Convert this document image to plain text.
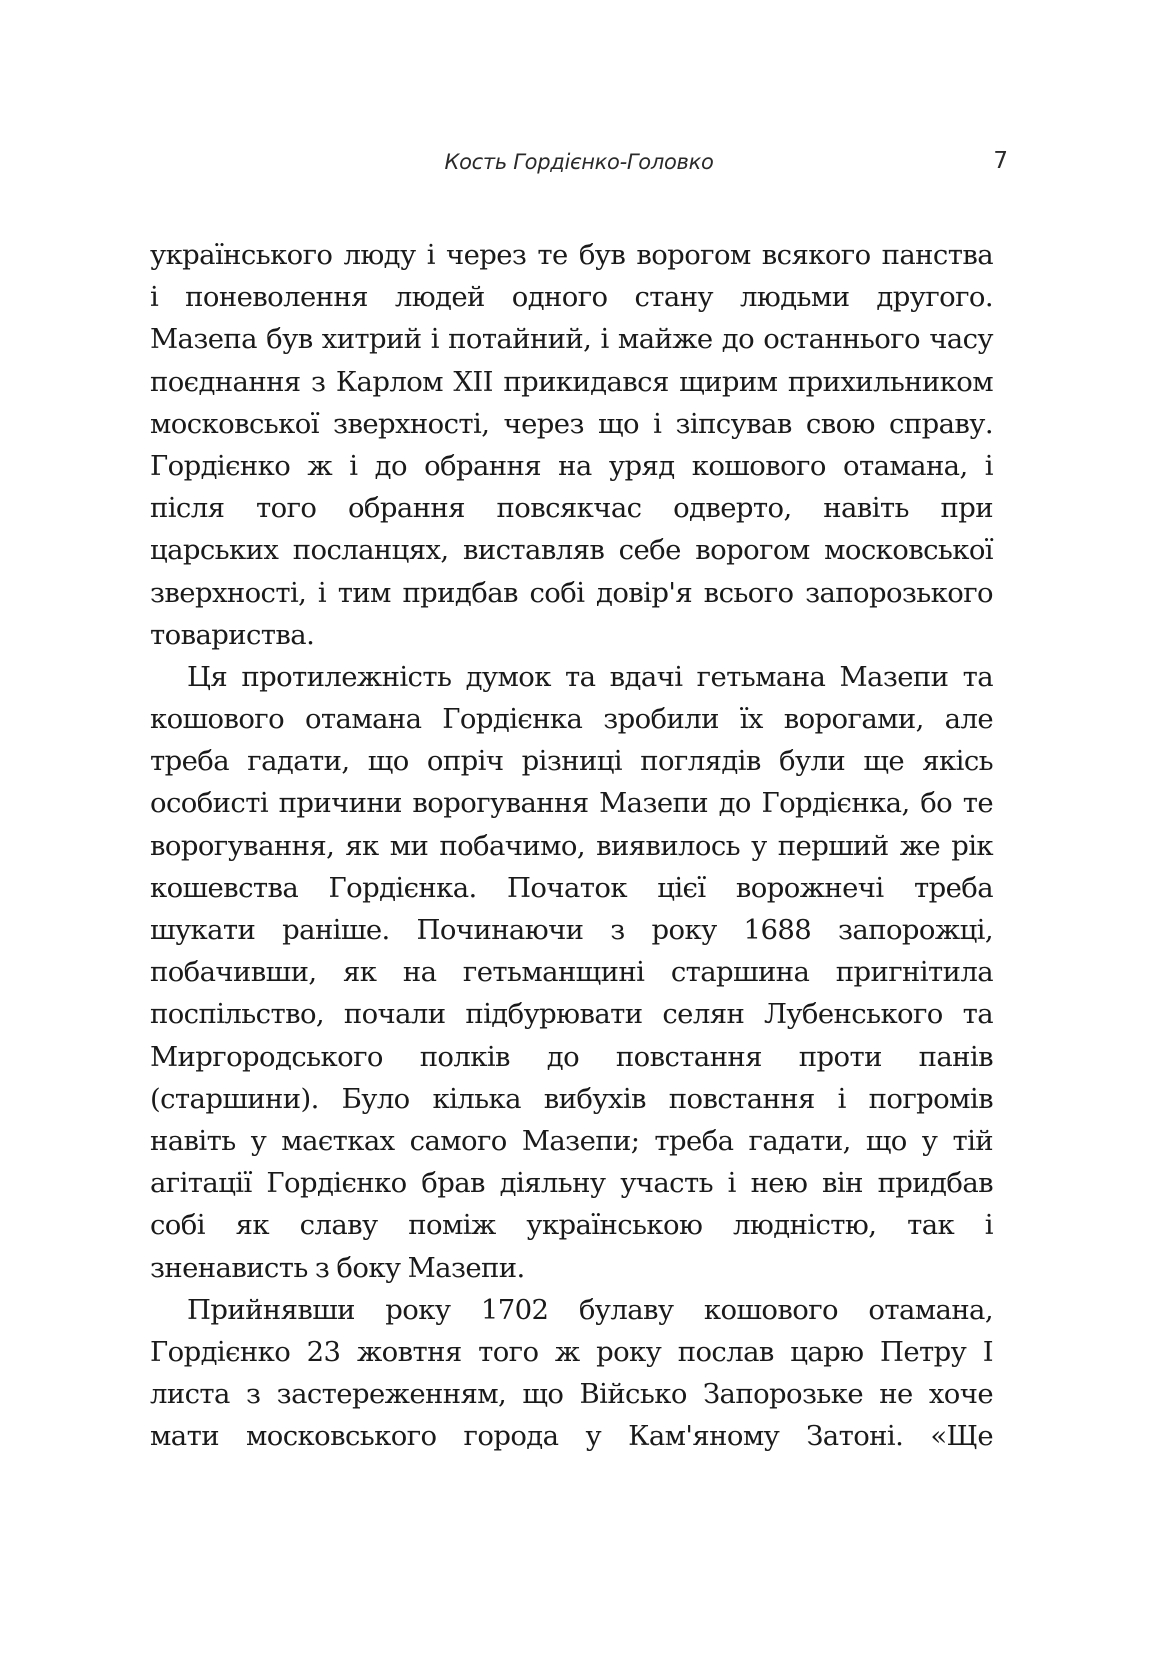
Кость Гордієнко-Головко	7
українського люду і через те був ворогом всякого панства
і поневолення людей одного стану людьми другого.
Мазепа був хитрий і потайний, і майже до останнього часу
поєднання з Карлом XII прикидався щирим прихильником
московської зверхності, через що і зіпсував свою справу.
Гордієнко ж і до обрання на уряд кошового отамана, і
після того обрання повсякчас одверто, навіть при
царських посланцях, виставляв себе ворогом московської
зверхності, і тим придбав собі довір'я всього запорозького
товариства.
Ця протилежність думок та вдачі гетьмана Мазепи та
кошового отамана Гордієнка зробили їх ворогами, але
треба гадати, що опріч різниці поглядів були ще якісь
особисті причини ворогування Мазепи до Гордієнка, бо те
ворогування, як ми побачимо, виявилось у перший же рік
кошевства Гордієнка. Початок цієї ворожнечі треба
шукати раніше. Починаючи з року 1688 запорожці,
побачивши, як на гетьманщині старшина пригнітила
поспільство, почали підбурювати селян Лубенського та
Миргородського полків до повстання проти панів
(старшини). Було кілька вибухів повстання і погромів
навіть у маєтках самого Мазепи; треба гадати, що у тій
агітації Гордієнко брав діяльну участь і нею він придбав
собі як славу поміж українською людністю, так і
зненависть з боку Мазепи.
Прийнявши року 1702 булаву кошового отамана,
Гордієнко 23 жовтня того ж року послав царю Петру I
листа з застереженням, що Військо Запорозьке не хоче
мати московського города у Кам'яному Затоні. «Ще
